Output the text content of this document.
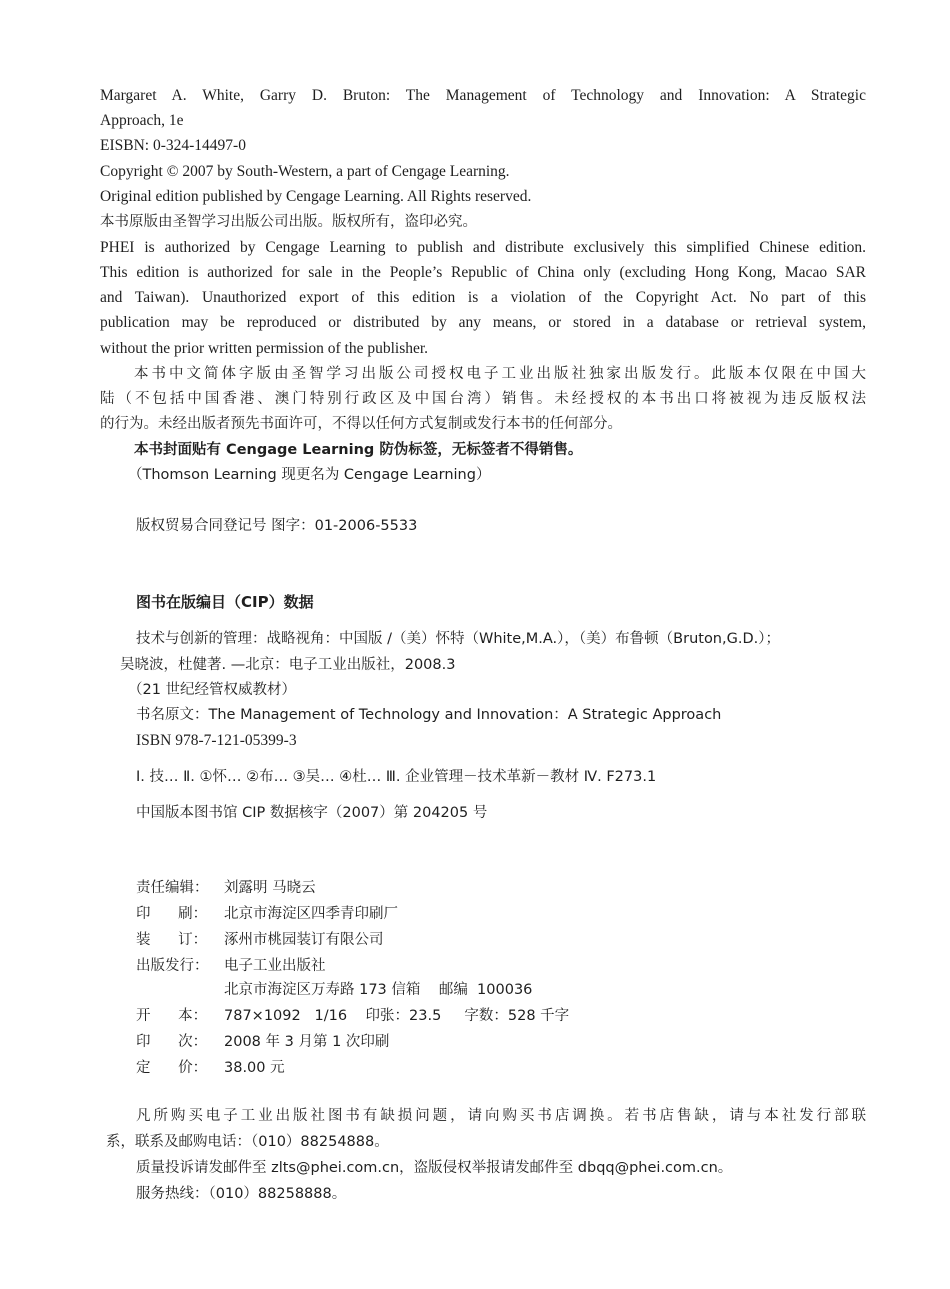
Margaret A. White, Garry D. Bruton: The Management of Technology and Innovation: A Strategic
Approach, 1e
EISBN: 0-324-14497-0
Copyright © 2007 by South-Western, a part of Cengage Learning.
Original edition published by Cengage Learning. All Rights reserved.
本书原版由圣智学习出版公司出版。版权所有，盗印必究。
PHEI is authorized by Cengage Learning to publish and distribute exclusively this simplified Chinese edition.
This edition is authorized for sale in the People’s Republic of China only (excluding Hong Kong, Macao SAR
and Taiwan). Unauthorized export of this edition is a violation of the Copyright Act. No part of this
publication may be reproduced or distributed by any means, or stored in a database or retrieval system,
without the prior written permission of the publisher.
本书中文简体字版由圣智学习出版公司授权电子工业出版社独家出版发行。此版本仅限在中国大
陆（不包括中国香港、澳门特别行政区及中国台湾）销售。未经授权的本书出口将被视为违反版权法
的行为。未经出版者预先书面许可，不得以任何方式复制或发行本书的任何部分。
本书封面贴有 Cengage Learning 防伪标签，无标签者不得销售。
（Thomson Learning 现更名为 Cengage Learning）
版权贸易合同登记号 图字：01-2006-5533
图书在版编目（CIP）数据
技术与创新的管理：战略视角：中国版 /（美）怀特（White,M.A.），（美）布鲁顿（Bruton,G.D.）；
吴晓波，杜健著. —北京：电子工业出版社，2008.3
（21 世纪经管权威教材）
书名原文：The Management of Technology and Innovation：A Strategic Approach
ISBN 978-7-121-05399-3
I. 技… Ⅱ. ①怀… ②布… ③吴… ④杜… Ⅲ. 企业管理－技术革新－教材 Ⅳ. F273.1
中国版本图书馆 CIP 数据核字（2007）第 204205 号
责任编辑： 刘露明 马晓云
印      刷： 北京市海淀区四季青印刷厂
装      订： 涿州市桃园装订有限公司
出版发行： 电子工业出版社
北京市海淀区万寿路 173 信箱    邮编  100036
开      本： 787×1092   1/16    印张：23.5     字数：528 千字
印      次： 2008 年 3 月第 1 次印刷
定      价： 38.00 元
凡所购买电子工业出版社图书有缺损问题，请向购买书店调换。若书店售缺，请与本社发行部联
系，联系及邮购电话：（010）88254888。
质量投诉请发邮件至 zlts@phei.com.cn，盗版侵权举报请发邮件至 dbqq@phei.com.cn。
服务热线：（010）88258888。
